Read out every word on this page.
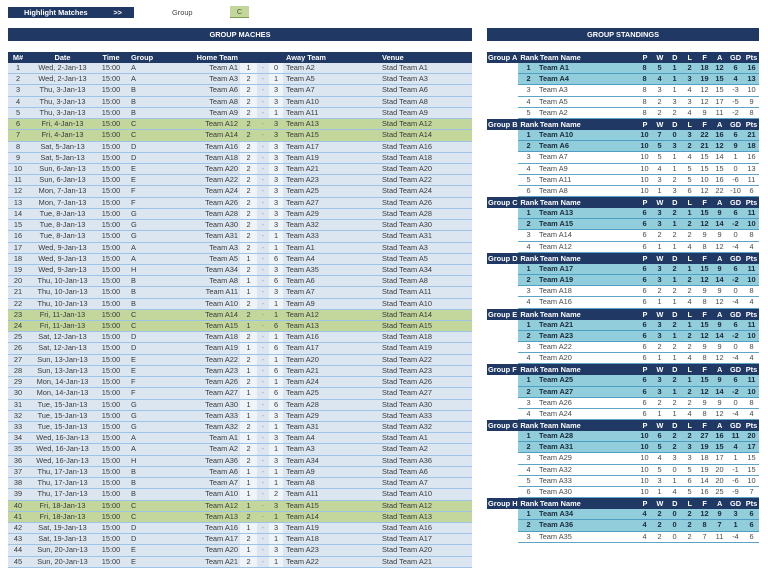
Highlight Matches	>>	Group	C
GROUP MACHES	GROUP STANDINGS
M#	Date	Time	Group	Home Team	Away Team	Venue
1	Wed, 2-Jan-13	15:00	A	Team A1	1	-	0	Team A2	Stad Team A1
2	Wed, 2-Jan-13	15:00	A	Team A3	2	-	1	Team A5	Stad Team A3
3	Thu, 3-Jan-13	15:00	B	Team A6	2	-	3	Team A7	Stad Team A6
4	Thu, 3-Jan-13	15:00	B	Team A8	2	-	3	Team A10	Stad Team A8
5	Thu, 3-Jan-13	15:00	B	Team A9	2	-	1	Team A11	Stad Team A9
6	Fri, 4-Jan-13	15:00	C	Team A12	2	-	3	Team A13	Stad Team A12
7	Fri, 4-Jan-13	15:00	C	Team A14	2	-	3	Team A15	Stad Team A14
8	Sat, 5-Jan-13	15:00	D	Team A16	2	-	3	Team A17	Stad Team A16
9	Sat, 5-Jan-13	15:00	D	Team A18	2	-	3	Team A19	Stad Team A18
10	Sun, 6-Jan-13	15:00	E	Team A20	2	-	3	Team A21	Stad Team A20
11	Sun, 6-Jan-13	15:00	E	Team A22	2	-	3	Team A23	Stad Team A22
12	Mon, 7-Jan-13	15:00	F	Team A24	2	-	3	Team A25	Stad Team A24
13	Mon, 7-Jan-13	15:00	F	Team A26	2	-	3	Team A27	Stad Team A26
14	Tue, 8-Jan-13	15:00	G	Team A28	2	-	3	Team A29	Stad Team A28
15	Tue, 8-Jan-13	15:00	G	Team A30	2	-	3	Team A32	Stad Team A30
16	Tue, 8-Jan-13	15:00	G	Team A31	2	-	1	Team A33	Stad Team A31
17	Wed, 9-Jan-13	15:00	A	Team A3	2	-	1	Team A1	Stad Team A3
18	Wed, 9-Jan-13	15:00	A	Team A5	1	-	6	Team A4	Stad Team A5
19	Wed, 9-Jan-13	15:00	H	Team A34	2	-	3	Team A35	Stad Team A34
20	Thu, 10-Jan-13	15:00	B	Team A8	1	-	6	Team A6	Stad Team A8
21	Thu, 10-Jan-13	15:00	B	Team A11	1	-	3	Team A7	Stad Team A11
22	Thu, 10-Jan-13	15:00	B	Team A10	2	-	1	Team A9	Stad Team A10
23	Fri, 11-Jan-13	15:00	C	Team A14	2	-	1	Team A12	Stad Team A14
24	Fri, 11-Jan-13	15:00	C	Team A15	1	-	6	Team A13	Stad Team A15
25	Sat, 12-Jan-13	15:00	D	Team A18	2	-	1	Team A16	Stad Team A18
26	Sat, 12-Jan-13	15:00	D	Team A19	1	-	6	Team A17	Stad Team A19
27	Sun, 13-Jan-13	15:00	E	Team A22	2	-	1	Team A20	Stad Team A22
28	Sun, 13-Jan-13	15:00	E	Team A23	1	-	6	Team A21	Stad Team A23
29	Mon, 14-Jan-13	15:00	F	Team A26	2	-	1	Team A24	Stad Team A26
30	Mon, 14-Jan-13	15:00	F	Team A27	1	-	6	Team A25	Stad Team A27
31	Tue, 15-Jan-13	15:00	G	Team A30	1	-	6	Team A28	Stad Team A30
32	Tue, 15-Jan-13	15:00	G	Team A33	1	-	3	Team A29	Stad Team A33
33	Tue, 15-Jan-13	15:00	G	Team A32	2	-	1	Team A31	Stad Team A32
34	Wed, 16-Jan-13	15:00	A	Team A1	1	-	3	Team A4	Stad Team A1
35	Wed, 16-Jan-13	15:00	A	Team A2	2	-	1	Team A3	Stad Team A2
36	Wed, 16-Jan-13	15:00	H	Team A36	2	-	3	Team A34	Stad Team A36
37	Thu, 17-Jan-13	15:00	B	Team A6	1	-	1	Team A9	Stad Team A6
38	Thu, 17-Jan-13	15:00	B	Team A7	1	-	1	Team A8	Stad Team A7
39	Thu, 17-Jan-13	15:00	B	Team A10	1	-	2	Team A11	Stad Team A10
40	Fri, 18-Jan-13	15:00	C	Team A12	1	-	3	Team A15	Stad Team A12
41	Fri, 18-Jan-13	15:00	C	Team A13	2	-	1	Team A14	Stad Team A13
42	Sat, 19-Jan-13	15:00	D	Team A16	1	-	3	Team A19	Stad Team A16
43	Sat, 19-Jan-13	15:00	D	Team A17	2	-	1	Team A18	Stad Team A17
44	Sun, 20-Jan-13	15:00	E	Team A20	1	-	3	Team A23	Stad Team A20
45	Sun, 20-Jan-13	15:00	E	Team A21	2	-	1	Team A22	Stad Team A21
Group A Rank Team Name	P	W	D	L	F	A	GD Pts
1	Team A1	8	5	1	2	18 12	6	16
2	Team A4	8	4	1	3	19 15	4	13
3	Team A3	8	3	1	4	12 15	-3	10
4	Team A5	8	2	3	3	12 17	-5	9
5	Team A2	8	2	2	4	9	11	-2	8
Group B Rank Team Name	P	W	D	L	F	A	GD Pts
1	Team A10	10	7	0	3	22 16	6	21
2	Team A6	10	5	3	2	21 12	9	18
3	Team A7	10	5	1	4	15 14	1	16
4	Team A9	10	4	1	5	15 15	0	13
5	Team A11	10	3	2	5	10 16	-6	11
6	Team A8	10	1	3	6	12 22 -10	6
Group C Rank Team Name	P	W	D	L	F	A	GD Pts
1	Team A13	6	3	2	1	15	9	6	11
2	Team A15	6	3	1	2	12 14	-2	10
3	Team A14	6	2	2	2	9	9	0	8
4	Team A12	6	1	1	4	8	12	-4	4
Group D Rank Team Name	P	W	D	L	F	A	GD Pts
1	Team A17	6	3	2	1	15	9	6	11
2	Team A19	6	3	1	2	12 14	-2	10
3	Team A18	6	2	2	2	9	9	0	8
4	Team A16	6	1	1	4	8	12	-4	4
Group E Rank Team Name	P	W	D	L	F	A	GD Pts
1	Team A21	6	3	2	1	15	9	6	11
2	Team A23	6	3	1	2	12 14	-2	10
3	Team A22	6	2	2	2	9	9	0	8
4	Team A20	6	1	1	4	8	12	-4	4
Group F Rank Team Name	P	W	D	L	F	A	GD Pts
1	Team A25	6	3	2	1	15	9	6	11
2	Team A27	6	3	1	2	12 14	-2	10
3	Team A26	6	2	2	2	9	9	0	8
4	Team A24	6	1	1	4	8	12	-4	4
Group G Rank Team Name	P	W	D	L	F	A	GD Pts
1	Team A28	10	6	2	2	27 16	11	20
2	Team A31	10	5	2	3	19 15	4	17
3	Team A29	10	4	3	3	18 17	1	15
4	Team A32	10	5	0	5	19 20	-1	15
5	Team A33	10	3	1	6	14 20	-6	10
6	Team A30	10	1	4	5	16 25	-9	7
Group H Rank Team Name	P	W	D	L	F	A	GD Pts
1	Team A34	4	2	0	2	12	9	3	6
2	Team A36	4	2	0	2	8	7	1	6
3	Team A35	4	2	0	2	7	11	-4	6
